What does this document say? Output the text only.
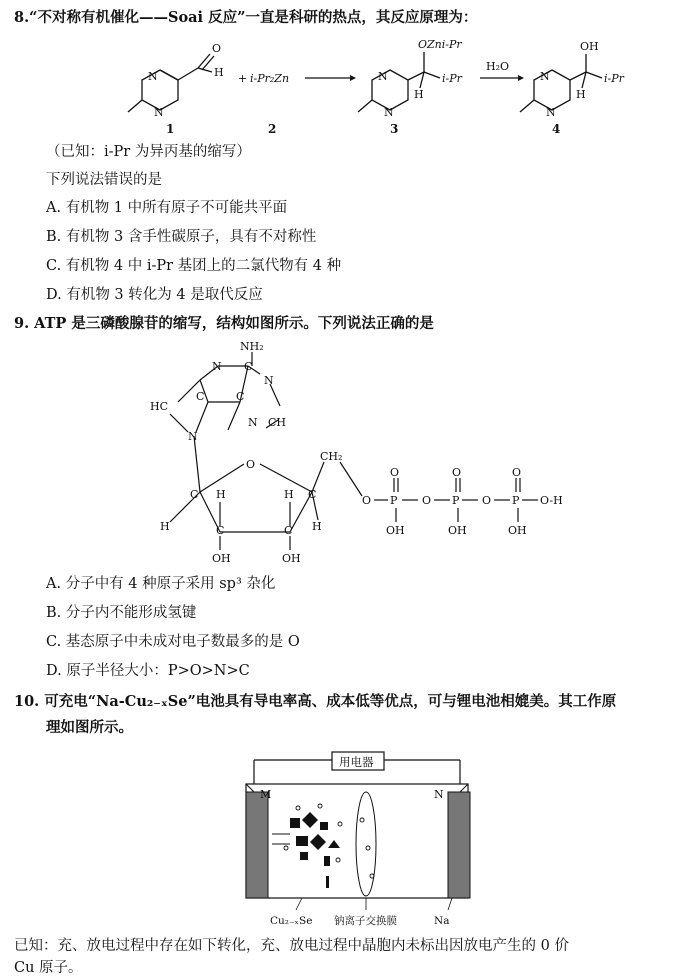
8.“不对称有机催化——Soai 反应”一直是科研的热点，其反应原理为：
N
N
O
H + i-Pr₂Zn	N
N
OZni-Pr
i-Pr
H
H₂O
N
N
OH
i-Pr
H
1	2	3	4
（已知：i-Pr 为异丙基的缩写）
下列说法错误的是
A. 有机物 1 中所有原子不可能共平面
B. 有机物 3 含手性碳原子，具有不对称性
C. 有机物 4 中 i-Pr 基团上的二氯代物有 4 种
D. 有机物 3 转化为 4 是取代反应
9. ATP 是三磷酸腺苷的缩写，结构如图所示。下列说法正确的是
NH₂
N C
N
HC
C	C
N CH
N
O
C H	H C
H	C	C H
OH	OH
CH₂
O P O P O P O-H
O	O	O
OH	OH	OH
A. 分子中有 4 种原子采用 sp³ 杂化
B. 分子内不能形成氢键
C. 基态原子中未成对电子数最多的是 O
D. 原子半径大小：P>O>N>C
10. 可充电“Na-Cu₂₋ₓSe”电池具有导电率高、成本低等优点，可与锂电池相媲美。其工作原
理如图所示。
用电器
M	N
Cu₂₋ₓSe 钠离子交换膜	Na
已知：充、放电过程中存在如下转化，充、放电过程中晶胞内未标出因放电产生的 0 价
Cu 原子。
